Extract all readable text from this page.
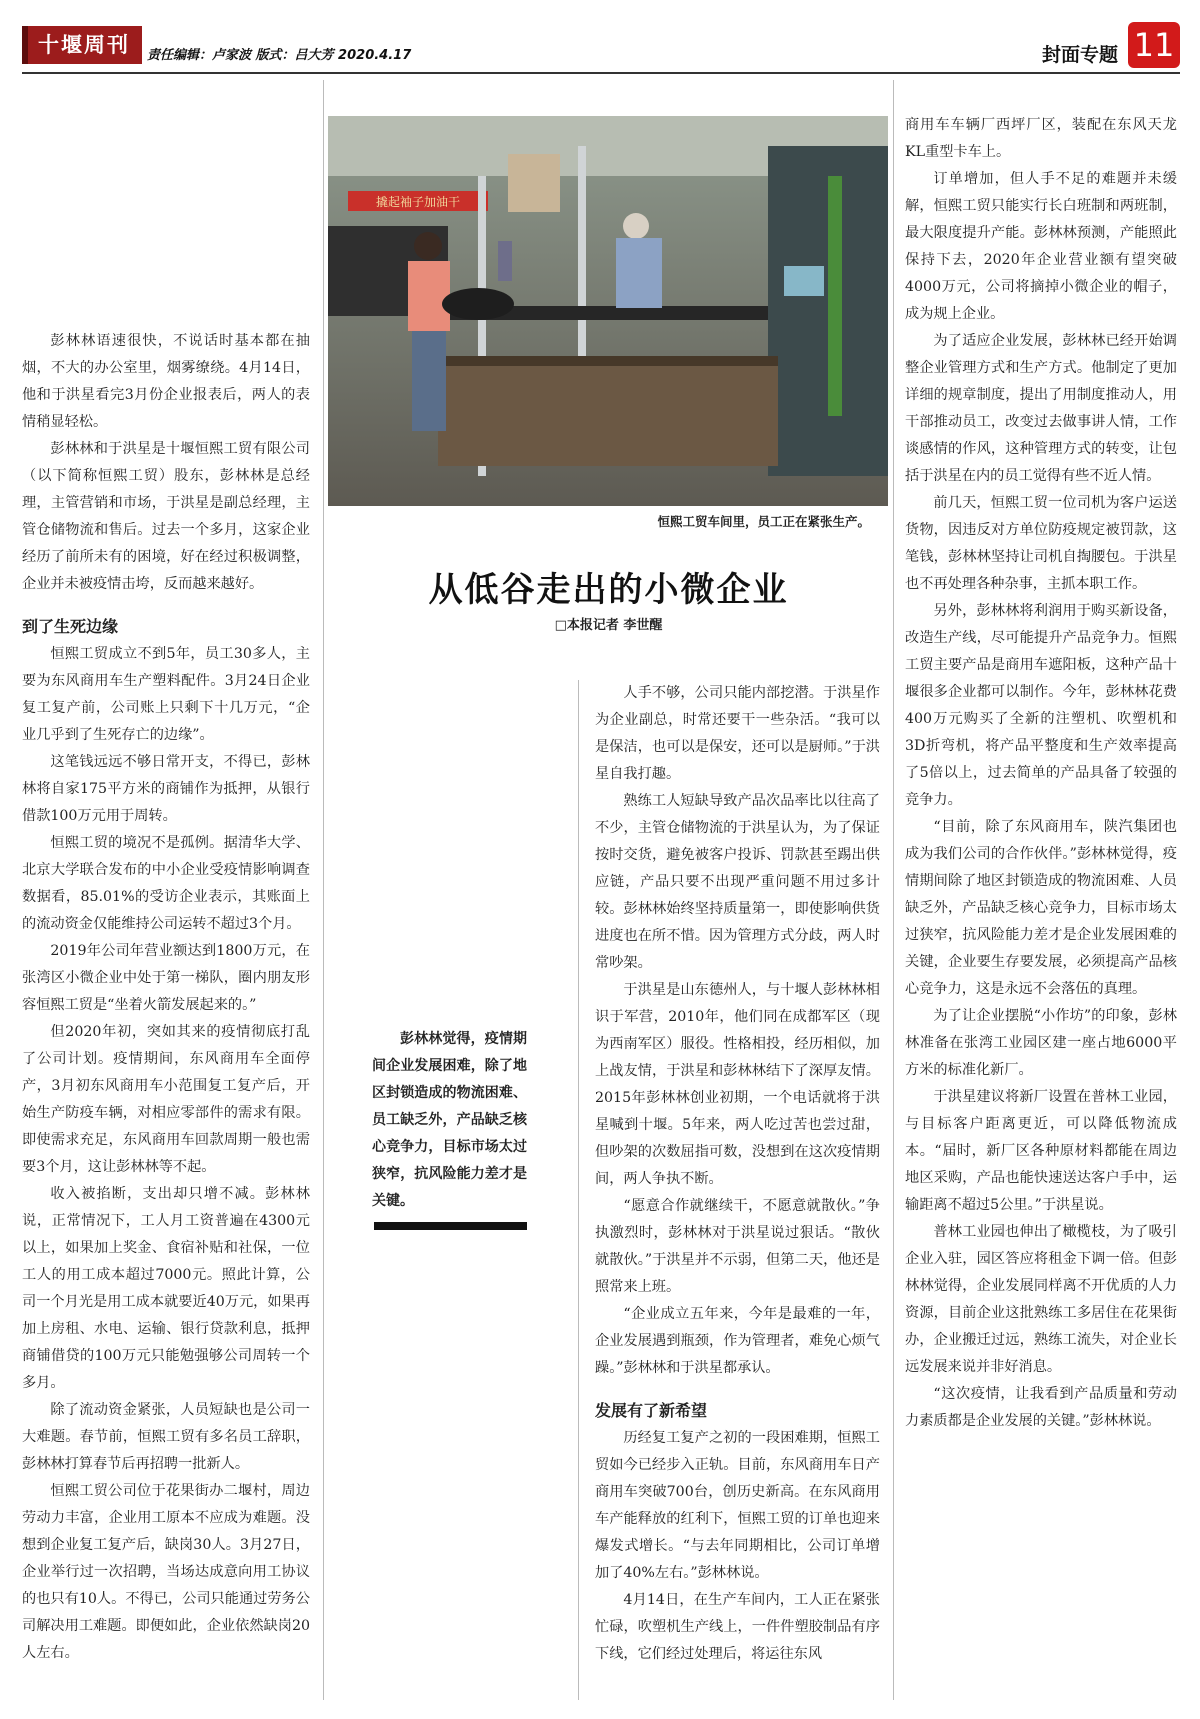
十堰周刊	责任编辑：卢家波 版式：吕大芳 2020.4.17	封面专题 11
撬起袖子加油干
恒熙工贸车间里，员工正在紧张生产。
从低谷走出的小微企业
□本报记者 李世醒
彭林林觉得，疫情期间企业发展困难，除了地区封锁造成的物流困难、员工缺乏外，产品缺乏核心竞争力，目标市场太过狭窄，抗风险能力差才是关键。

彭林林语速很快，不说话时基本都在抽烟，不大的办公室里，烟雾缭绕。4月14日，他和于洪星看完3月份企业报表后，两人的表情稍显轻松。

彭林林和于洪星是十堰恒熙工贸有限公司（以下简称恒熙工贸）股东，彭林林是总经理，主管营销和市场，于洪星是副总经理，主管仓储物流和售后。过去一个多月，这家企业经历了前所未有的困境，好在经过积极调整，企业并未被疫情击垮，反而越来越好。

到了生死边缘

恒熙工贸成立不到5年，员工30多人，主要为东风商用车生产塑料配件。3月24日企业复工复产前，公司账上只剩下十几万元，“企业几乎到了生死存亡的边缘”。

这笔钱远远不够日常开支，不得已，彭林林将自家175平方米的商铺作为抵押，从银行借款100万元用于周转。

恒熙工贸的境况不是孤例。据清华大学、北京大学联合发布的中小企业受疫情影响调查数据看，85.01%的受访企业表示，其账面上的流动资金仅能维持公司运转不超过3个月。

2019年公司年营业额达到1800万元，在张湾区小微企业中处于第一梯队，圈内朋友形容恒熙工贸是“坐着火箭发展起来的。”

但2020年初，突如其来的疫情彻底打乱了公司计划。疫情期间，东风商用车全面停产，3月初东风商用车小范围复工复产后，开始生产防疫车辆，对相应零部件的需求有限。即使需求充足，东风商用车回款周期一般也需要3个月，这让彭林林等不起。

收入被掐断，支出却只增不减。彭林林说，正常情况下，工人月工资普遍在4300元以上，如果加上奖金、食宿补贴和社保，一位工人的用工成本超过7000元。照此计算，公司一个月光是用工成本就要近40万元，如果再加上房租、水电、运输、银行贷款利息，抵押商铺借贷的100万元只能勉强够公司周转一个多月。

除了流动资金紧张，人员短缺也是公司一大难题。春节前，恒熙工贸有多名员工辞职，彭林林打算春节后再招聘一批新人。

恒熙工贸公司位于花果街办二堰村，周边劳动力丰富，企业用工原本不应成为难题。没想到企业复工复产后，缺岗30人。3月27日，企业举行过一次招聘，当场达成意向用工协议的也只有10人。不得已，公司只能通过劳务公司解决用工难题。即便如此，企业依然缺岗20人左右。

人手不够，公司只能内部挖潜。于洪星作为企业副总，时常还要干一些杂活。“我可以是保洁，也可以是保安，还可以是厨师。”于洪星自我打趣。

熟练工人短缺导致产品次品率比以往高了不少，主管仓储物流的于洪星认为，为了保证按时交货，避免被客户投诉、罚款甚至踢出供应链，产品只要不出现严重问题不用过多计较。彭林林始终坚持质量第一，即使影响供货进度也在所不惜。因为管理方式分歧，两人时常吵架。

于洪星是山东德州人，与十堰人彭林林相识于军营，2010年，他们同在成都军区（现为西南军区）服役。性格相投，经历相似，加上战友情，于洪星和彭林林结下了深厚友情。2015年彭林林创业初期，一个电话就将于洪星喊到十堰。5年来，两人吃过苦也尝过甜，但吵架的次数屈指可数，没想到在这次疫情期间，两人争执不断。

“愿意合作就继续干，不愿意就散伙。”争执激烈时，彭林林对于洪星说过狠话。“散伙就散伙。”于洪星并不示弱，但第二天，他还是照常来上班。

“企业成立五年来，今年是最难的一年，企业发展遇到瓶颈，作为管理者，难免心烦气躁。”彭林林和于洪星都承认。

发展有了新希望

历经复工复产之初的一段困难期，恒熙工贸如今已经步入正轨。目前，东风商用车日产商用车突破700台，创历史新高。在东风商用车产能释放的红利下，恒熙工贸的订单也迎来爆发式增长。“与去年同期相比，公司订单增加了40%左右。”彭林林说。

4月14日，在生产车间内，工人正在紧张忙碌，吹塑机生产线上，一件件塑胶制品有序下线，它们经过处理后，将运往东风

商用车车辆厂西坪厂区，装配在东风天龙KL重型卡车上。

订单增加，但人手不足的难题并未缓解，恒熙工贸只能实行长白班制和两班制，最大限度提升产能。彭林林预测，产能照此保持下去，2020年企业营业额有望突破4000万元，公司将摘掉小微企业的帽子，成为规上企业。

为了适应企业发展，彭林林已经开始调整企业管理方式和生产方式。他制定了更加详细的规章制度，提出了用制度推动人，用干部推动员工，改变过去做事讲人情，工作谈感情的作风，这种管理方式的转变，让包括于洪星在内的员工觉得有些不近人情。

前几天，恒熙工贸一位司机为客户运送货物，因违反对方单位防疫规定被罚款，这笔钱，彭林林坚持让司机自掏腰包。于洪星也不再处理各种杂事，主抓本职工作。

另外，彭林林将利润用于购买新设备，改造生产线，尽可能提升产品竞争力。恒熙工贸主要产品是商用车遮阳板，这种产品十堰很多企业都可以制作。今年，彭林林花费400万元购买了全新的注塑机、吹塑机和3D折弯机，将产品平整度和生产效率提高了5倍以上，过去简单的产品具备了较强的竞争力。

“目前，除了东风商用车，陕汽集团也成为我们公司的合作伙伴。”彭林林觉得，疫情期间除了地区封锁造成的物流困难、人员缺乏外，产品缺乏核心竞争力，目标市场太过狭窄，抗风险能力差才是企业发展困难的关键，企业要生存要发展，必须提高产品核心竞争力，这是永远不会落伍的真理。

为了让企业摆脱“小作坊”的印象，彭林林准备在张湾工业园区建一座占地6000平方米的标准化新厂。

于洪星建议将新厂设置在普林工业园，与目标客户距离更近，可以降低物流成本。“届时，新厂区各种原材料都能在周边地区采购，产品也能快速送达客户手中，运输距离不超过5公里。”于洪星说。

普林工业园也伸出了橄榄枝，为了吸引企业入驻，园区答应将租金下调一倍。但彭林林觉得，企业发展同样离不开优质的人力资源，目前企业这批熟练工多居住在花果街办，企业搬迁过远，熟练工流失，对企业长远发展来说并非好消息。

“这次疫情，让我看到产品质量和劳动力素质都是企业发展的关键。”彭林林说。
